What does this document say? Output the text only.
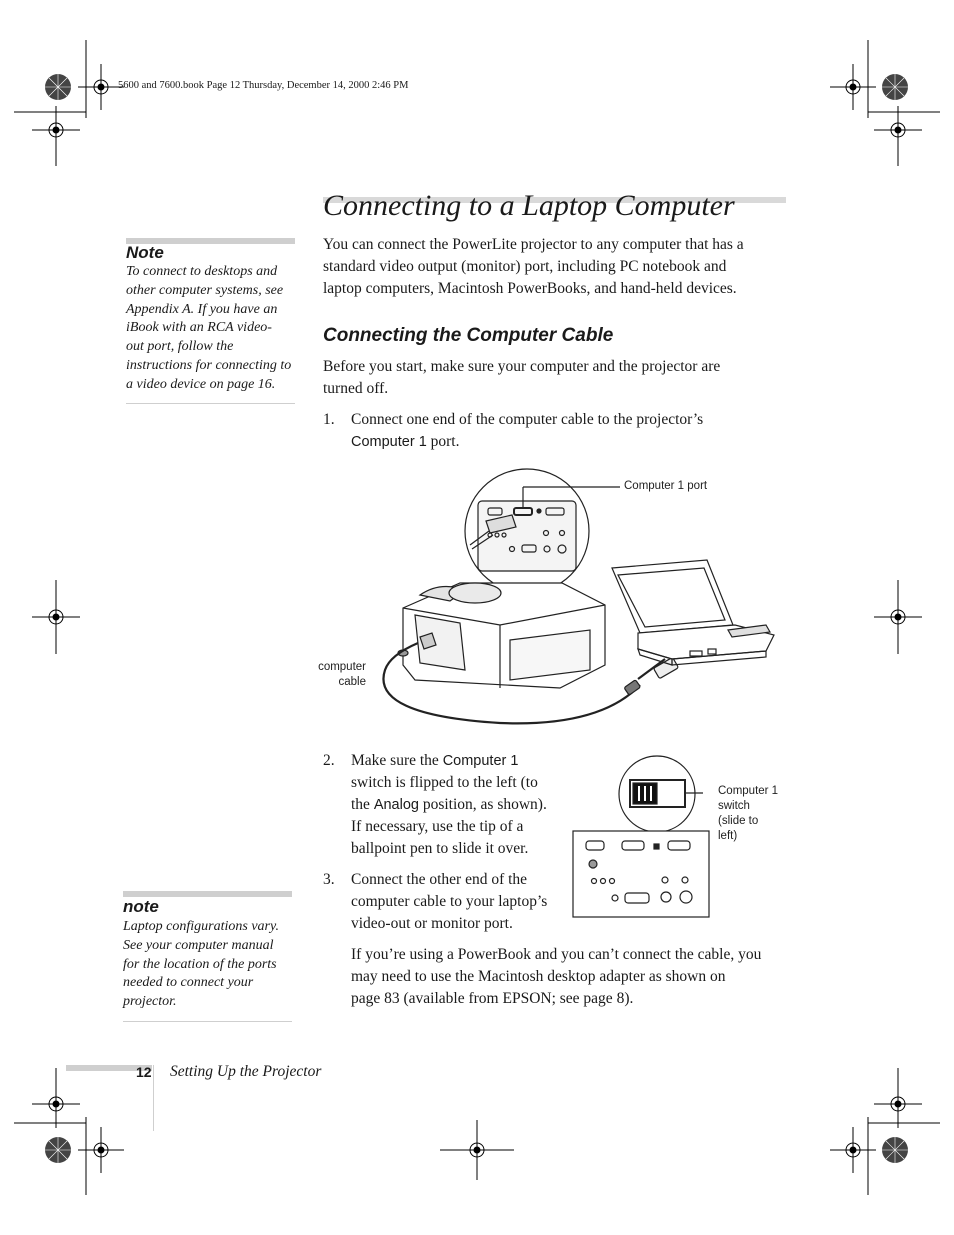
5600 and 7600.book Page 12 Thursday, December 14, 2000 2:46 PM
Connecting to a Laptop Computer
Note
To connect to desktops and
other computer systems, see
Appendix A. If you have an
iBook with an RCA video-
out port, follow the
instructions for connecting to
a video device on page 16.
You can connect the PowerLite projector to any computer that has a
standard video output (monitor) port, including PC notebook and
laptop computers, Macintosh PowerBooks, and hand-held devices.
Connecting the Computer Cable
Before you start, make sure your computer and the projector are
turned off.
1. Connect one end of the computer cable to the projector’s
Computer 1 port.
Computer 1 port
computer
cable
2. Make sure the Computer 1
switch is flipped to the left (to
the Analog position, as shown).
If necessary, use the tip of a
ballpoint pen to slide it over.
Computer 1
switch
(slide to
left)
3. Connect the other end of the
computer cable to your laptop’s
video-out or monitor port.
If you’re using a PowerBook and you can’t connect the cable, you
may need to use the Macintosh desktop adapter as shown on
page 83 (available from EPSON; see page 8).
note
Laptop configurations vary.
See your computer manual
for the location of the ports
needed to connect your
projector.
12 Setting Up the Projector
